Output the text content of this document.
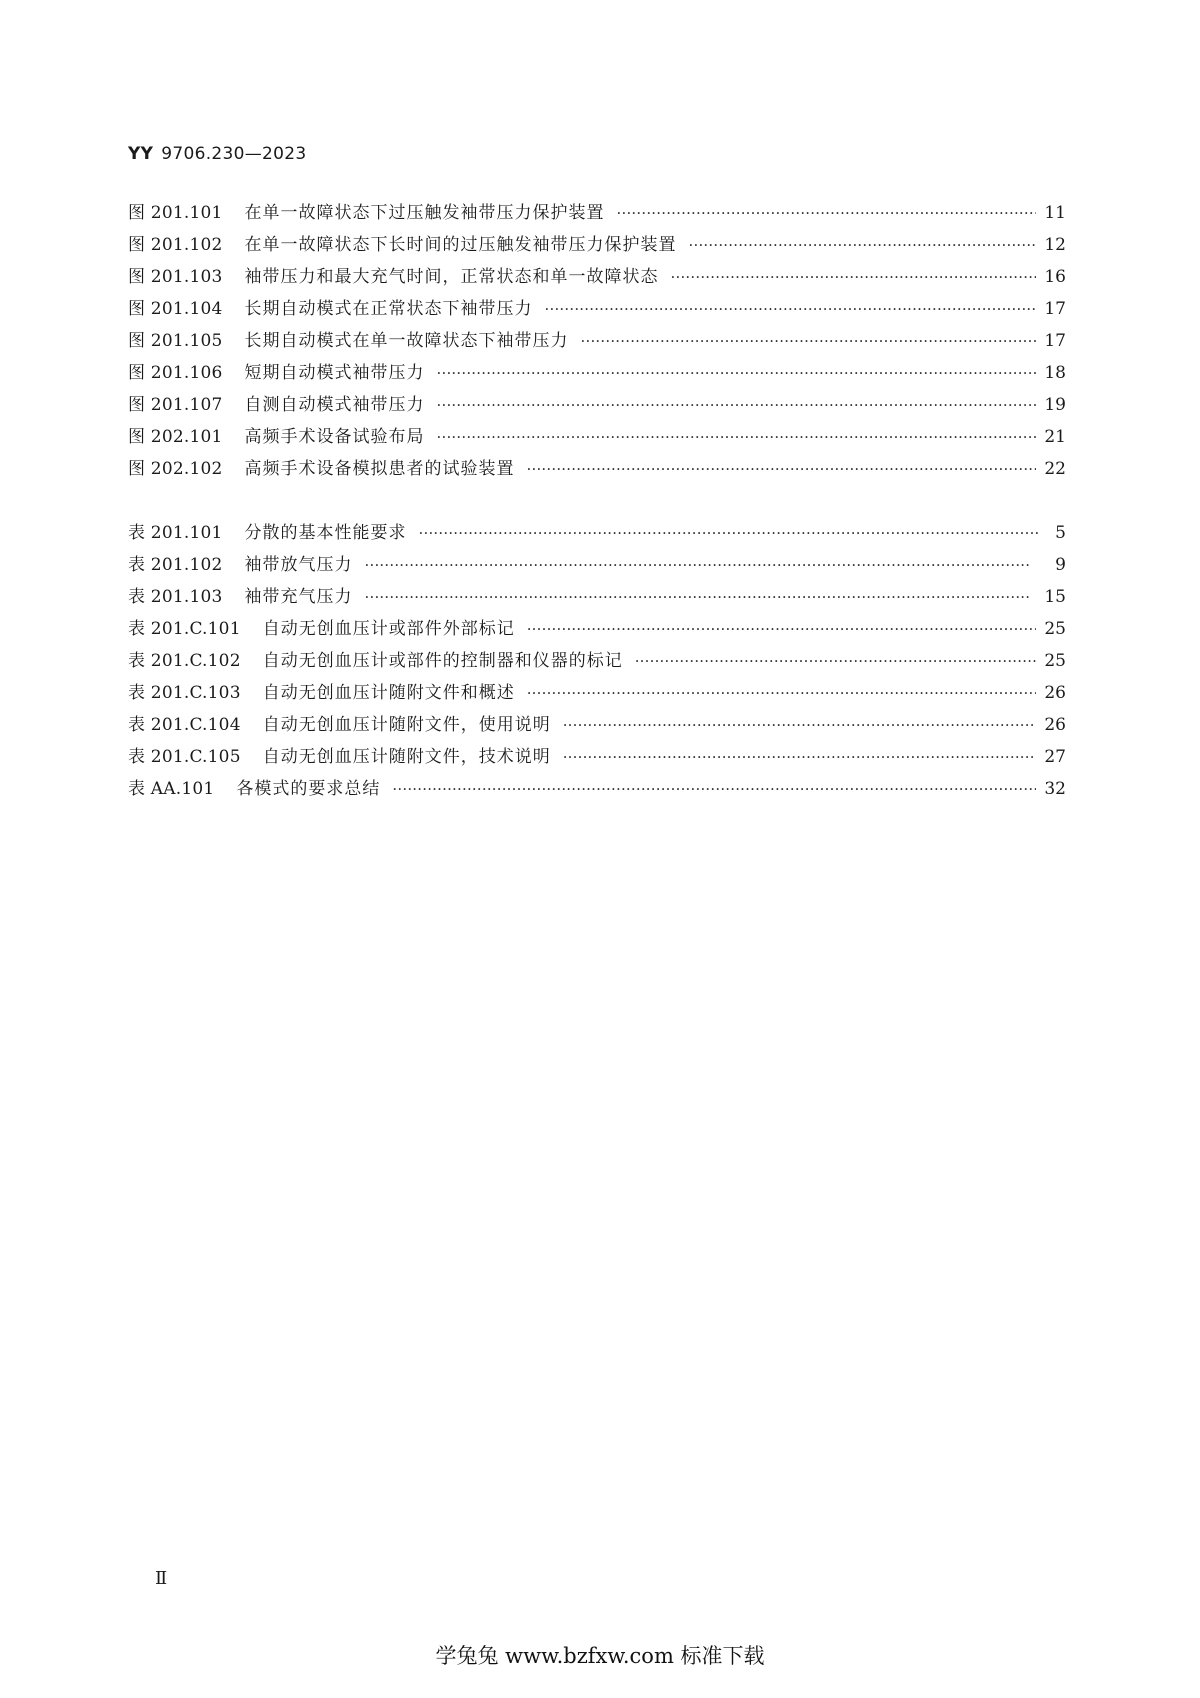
YY 9706.230—2023
图 201.101 在单一故障状态下过压触发袖带压力保护装置 ·····	11
图 201.102 在单一故障状态下长时间的过压触发袖带压力保护装置 ·····	12
图 201.103 袖带压力和最大充气时间，正常状态和单一故障状态 ·····	16
图 201.104 长期自动模式在正常状态下袖带压力 ·····	17
图 201.105 长期自动模式在单一故障状态下袖带压力 ·····	17
图 201.106 短期自动模式袖带压力 ·····	18
图 201.107 自测自动模式袖带压力 ·····	19
图 202.101 高频手术设备试验布局 ·····	21
图 202.102 高频手术设备模拟患者的试验装置 ·····	22
表 201.101 分散的基本性能要求 ·····	5
表 201.102 袖带放气压力 ·····	9
表 201.103 袖带充气压力 ·····	15
表 201.C.101 自动无创血压计或部件外部标记 ·····	25
表 201.C.102 自动无创血压计或部件的控制器和仪器的标记 ·····	25
表 201.C.103 自动无创血压计随附文件和概述 ·····	26
表 201.C.104 自动无创血压计随附文件，使用说明 ·····	26
表 201.C.105 自动无创血压计随附文件，技术说明 ·····	27
表 AA.101 各模式的要求总结 ·····	32
Ⅱ
学兔兔 www.bzfxw.com 标准下载
